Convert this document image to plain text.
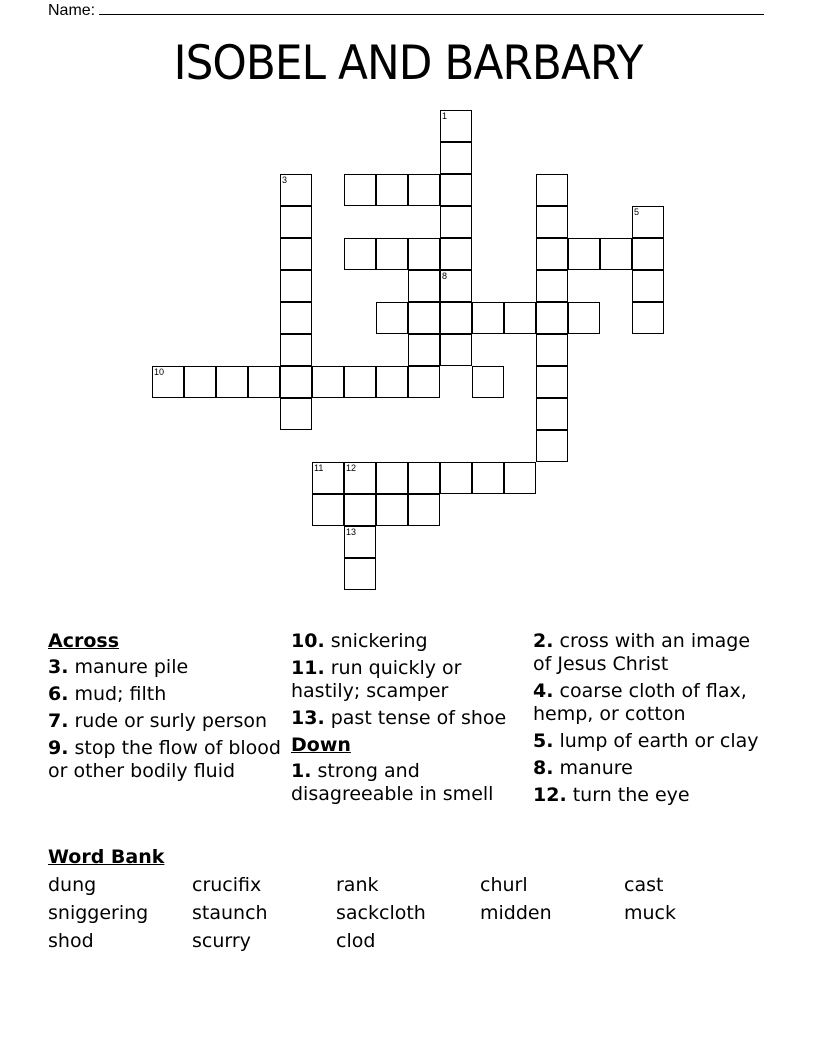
Name:
ISOBEL AND BARBARY
1
8
3
5
10
11	12
13
Across
3. manure pile
6. mud; filth
7. rude or surly person
9. stop the flow of blood or other bodily fluid
10. snickering
11. run quickly or hastily; scamper
13. past tense of shoe
Down
1. strong and disagreeable in smell
2. cross with an image of Jesus Christ
4. coarse cloth of flax, hemp, or cotton
5. lump of earth or clay
8. manure
12. turn the eye
Word Bank
dung	crucifix	rank	churl	cast
sniggering	staunch	sackcloth	midden	muck
shod	scurry	clod
